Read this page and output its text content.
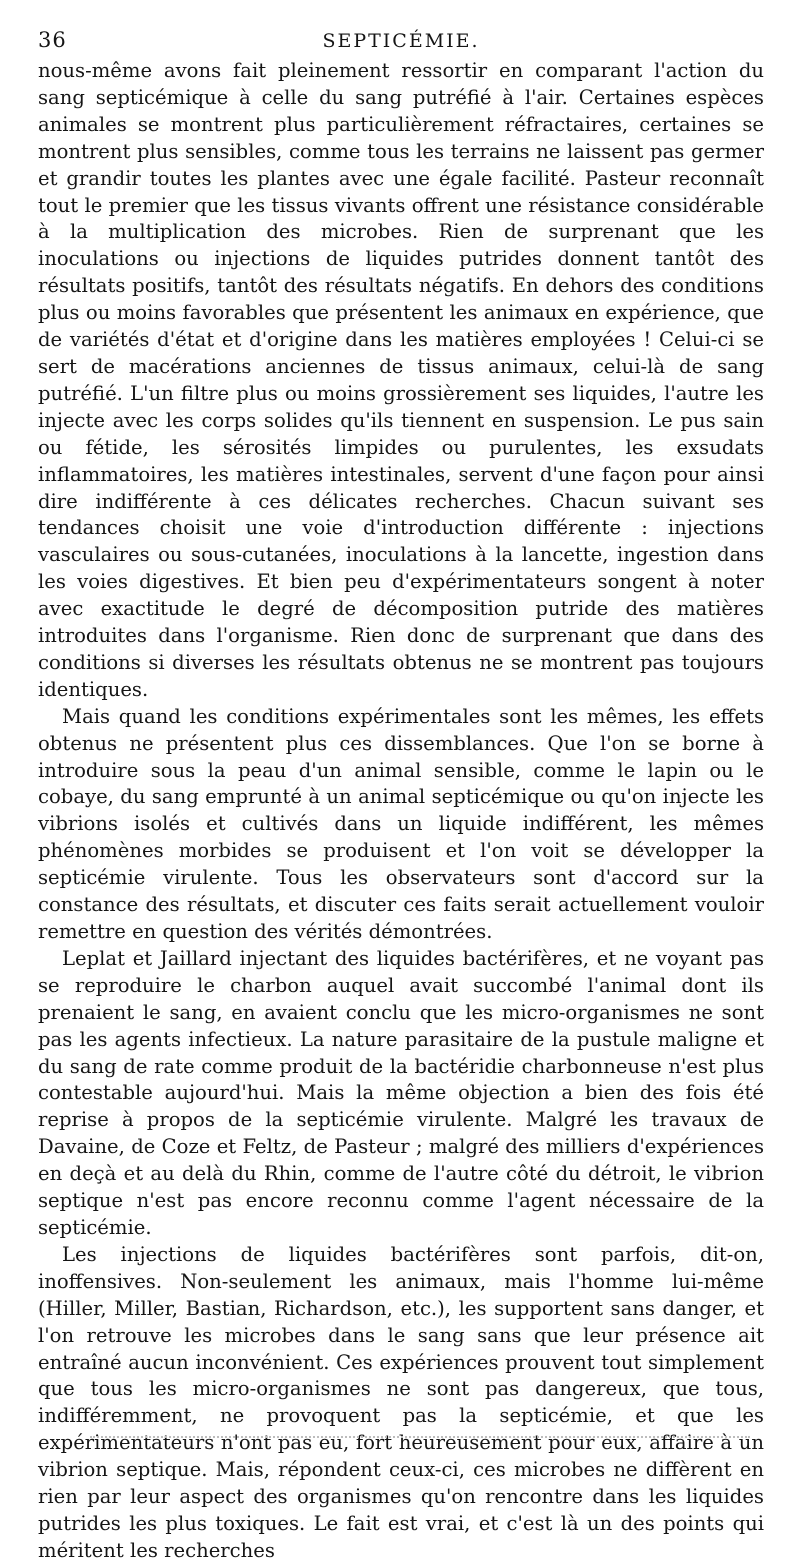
36	SEPTICÉMIE.

nous-même avons fait pleinement ressortir en comparant l'action du sang septicémique à celle du sang putréfié à l'air. Certaines espèces animales se montrent plus particulièrement réfractaires, certaines se montrent plus sensibles, comme tous les terrains ne laissent pas germer et grandir toutes les plantes avec une égale facilité. Pasteur reconnaît tout le premier que les tissus vivants offrent une résistance considérable à la multiplication des microbes. Rien de surprenant que les inoculations ou injections de liquides putrides donnent tantôt des résultats positifs, tantôt des résultats négatifs. En dehors des conditions plus ou moins favorables que présentent les animaux en expérience, que de variétés d'état et d'origine dans les matières employées ! Celui-ci se sert de macérations anciennes de tissus animaux, celui-là de sang putréfié. L'un filtre plus ou moins grossièrement ses liquides, l'autre les injecte avec les corps solides qu'ils tiennent en suspension. Le pus sain ou fétide, les sérosités limpides ou purulentes, les exsudats inflammatoires, les matières intestinales, servent d'une façon pour ainsi dire indifférente à ces délicates recherches. Chacun suivant ses tendances choisit une voie d'introduction différente : injections vasculaires ou sous-cutanées, inoculations à la lancette, ingestion dans les voies digestives. Et bien peu d'expérimentateurs songent à noter avec exactitude le degré de décomposition putride des matières introduites dans l'organisme. Rien donc de surprenant que dans des conditions si diverses les résultats obtenus ne se montrent pas toujours identiques.

Mais quand les conditions expérimentales sont les mêmes, les effets obtenus ne présentent plus ces dissemblances. Que l'on se borne à introduire sous la peau d'un animal sensible, comme le lapin ou le cobaye, du sang emprunté à un animal septicémique ou qu'on injecte les vibrions isolés et cultivés dans un liquide indifférent, les mêmes phénomènes morbides se produisent et l'on voit se développer la septicémie virulente. Tous les observateurs sont d'accord sur la constance des résultats, et discuter ces faits serait actuellement vouloir remettre en question des vérités démontrées.

Leplat et Jaillard injectant des liquides bactérifères, et ne voyant pas se reproduire le charbon auquel avait succombé l'animal dont ils prenaient le sang, en avaient conclu que les micro-organismes ne sont pas les agents infectieux. La nature parasitaire de la pustule maligne et du sang de rate comme produit de la bactéridie charbonneuse n'est plus contestable aujourd'hui. Mais la même objection a bien des fois été reprise à propos de la septicémie virulente. Malgré les travaux de Davaine, de Coze et Feltz, de Pasteur ; malgré des milliers d'expériences en deçà et au delà du Rhin, comme de l'autre côté du détroit, le vibrion septique n'est pas encore reconnu comme l'agent nécessaire de la septicémie.

Les injections de liquides bactérifères sont parfois, dit-on, inoffensives. Non-seulement les animaux, mais l'homme lui-même (Hiller, Miller, Bastian, Richardson, etc.), les supportent sans danger, et l'on retrouve les microbes dans le sang sans que leur présence ait entraîné aucun inconvénient. Ces expériences prouvent tout simplement que tous les micro-organismes ne sont pas dangereux, que tous, indifféremment, ne provoquent pas la septicémie, et que les expérimentateurs n'ont pas eu, fort heureusement pour eux, affaire à un vibrion septique. Mais, répondent ceux-ci, ces microbes ne diffèrent en rien par leur aspect des organismes qu'on rencontre dans les liquides putrides les plus toxiques. Le fait est vrai, et c'est là un des points qui méritent les recherches
